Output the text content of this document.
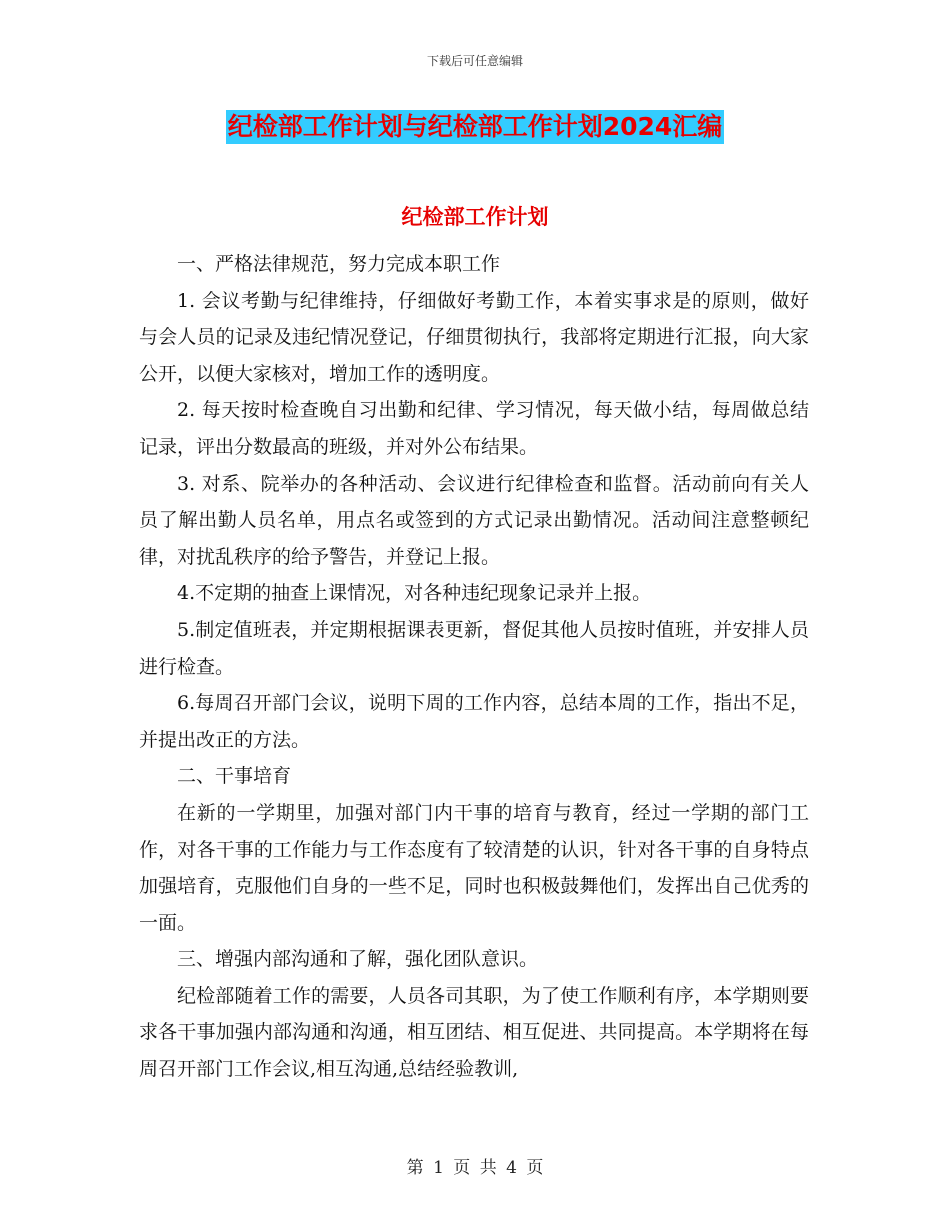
下载后可任意编辑
纪检部工作计划与纪检部工作计划2024汇编
纪检部工作计划

一、严格法律规范，努力完成本职工作

1. 会议考勤与纪律维持，仔细做好考勤工作，本着实事求是的原则，做好与会人员的记录及违纪情况登记，仔细贯彻执行，我部将定期进行汇报，向大家公开，以便大家核对，增加工作的透明度。

2. 每天按时检查晚自习出勤和纪律、学习情况，每天做小结，每周做总结记录，评出分数最高的班级，并对外公布结果。

3. 对系、院举办的各种活动、会议进行纪律检查和监督。活动前向有关人员了解出勤人员名单，用点名或签到的方式记录出勤情况。活动间注意整顿纪律，对扰乱秩序的给予警告，并登记上报。

4.不定期的抽查上课情况，对各种违纪现象记录并上报。

5.制定值班表，并定期根据课表更新，督促其他人员按时值班，并安排人员进行检查。

6.每周召开部门会议，说明下周的工作内容，总结本周的工作，指出不足，并提出改正的方法。

二、干事培育

在新的一学期里，加强对部门内干事的培育与教育，经过一学期的部门工作，对各干事的工作能力与工作态度有了较清楚的认识，针对各干事的自身特点加强培育，克服他们自身的一些不足，同时也积极鼓舞他们，发挥出自己优秀的一面。

三、增强内部沟通和了解，强化团队意识。

纪检部随着工作的需要，人员各司其职，为了使工作顺利有序，本学期则要求各干事加强内部沟通和沟通，相互团结、相互促进、共同提高。本学期将在每周召开部门工作会议,相互沟通,总结经验教训,

第 1 页 共 4 页
